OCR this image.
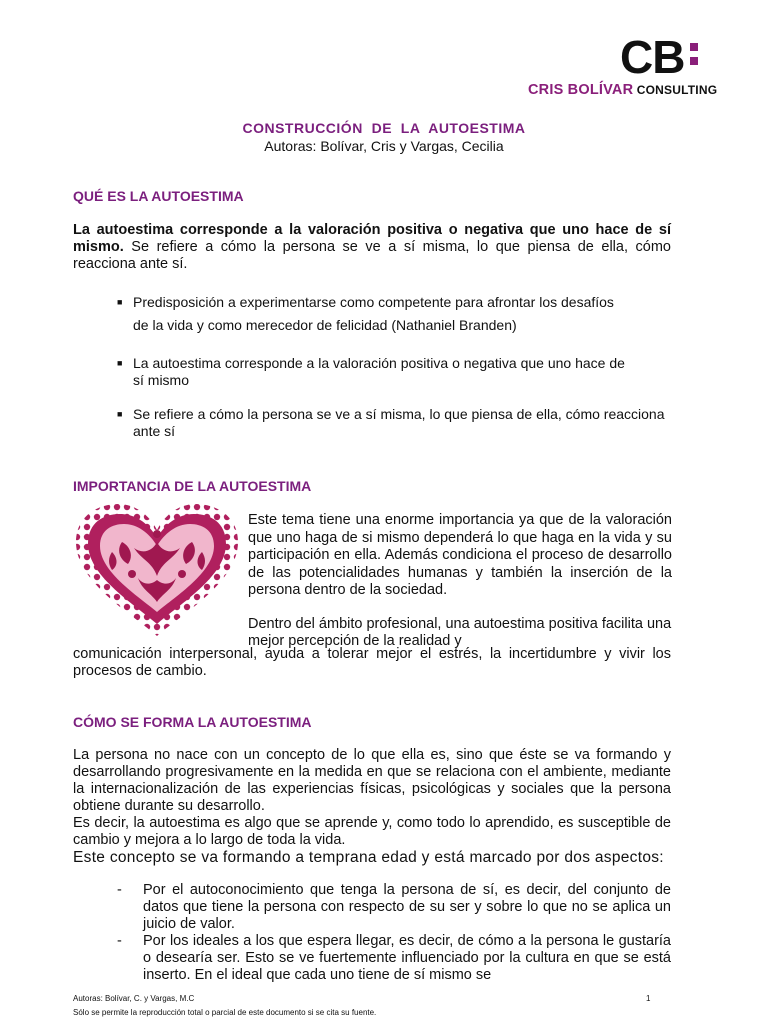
CB
CRIS BOLÍVAR CONSULTING
CONSTRUCCIÓN  DE  LA  AUTOESTIMA
Autoras: Bolívar, Cris y Vargas, Cecilia
QUÉ ES LA AUTOESTIMA
La autoestima corresponde a la valoración positiva o negativa que uno hace de sí mismo. Se refiere a cómo la persona se ve a sí misma, lo que piensa de ella, cómo reacciona ante sí.
■ Predisposición a experimentarse como competente para afrontar los desafíos de la vida y como merecedor de felicidad (Nathaniel Branden)
■ La autoestima corresponde a la valoración positiva o negativa que uno hace de sí mismo
■ Se refiere a cómo la persona se ve a sí misma, lo que piensa de ella, cómo reacciona ante sí
IMPORTANCIA DE LA AUTOESTIMA
Este tema tiene una enorme importancia ya que de la valoración que uno haga de si mismo dependerá lo que haga en la vida y su participación en ella. Además condiciona el proceso de desarrollo de las potencialidades humanas y también la inserción de la persona dentro de la sociedad.
Dentro del ámbito profesional, una autoestima positiva facilita una mejor percepción de la realidad y
comunicación interpersonal, ayuda a tolerar mejor el estrés, la incertidumbre y vivir los procesos de cambio.
CÓMO SE FORMA LA AUTOESTIMA
La persona no nace con un concepto de lo que ella es, sino que éste se va formando y desarrollando progresivamente en la medida en que se relaciona con el ambiente, mediante la internacionalización de las experiencias físicas, psicológicas y sociales que la persona obtiene durante su desarrollo.
Es decir, la autoestima es algo que se aprende y, como todo lo aprendido, es susceptible de cambio y mejora a lo largo de toda la vida.
Este concepto se va formando a temprana edad y está marcado por dos aspectos:
- Por el autoconocimiento que tenga la persona de sí, es decir, del conjunto de datos que tiene la persona con respecto de su ser y sobre lo que no se aplica un juicio de valor.
- Por los ideales a los que espera llegar, es decir, de cómo a la persona le gustaría o desearía ser. Esto se ve fuertemente influenciado por la cultura en que se está inserto. En el ideal que cada uno tiene de sí mismo se
Autoras: Bolívar, C. y Vargas, M.C	1
Sólo se permite la reproducción total o parcial de este documento si se cita su fuente.
